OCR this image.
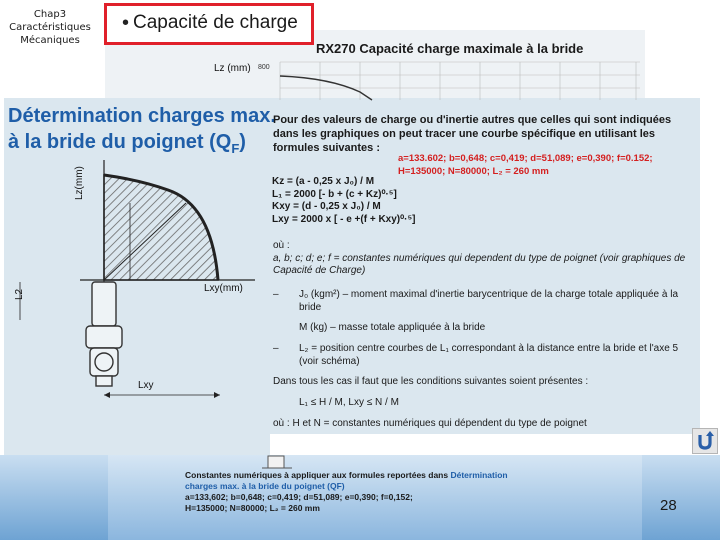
Chap3
Caractéristiques
Mécaniques
• Capacité de charge
RX270 Capacité charge maximale à la bride
Lz (mm) 800
Lz(mm)
L2
Lxy(mm)
Lxy
Détermination charges max.
à la bride du poignet $(Q_F)$
Pour des valeurs de charge ou d'inertie autres que celles qui sont indiquées dans les graphiques on peut tracer une courbe spécifique en utilisant les formules suivantes :
a=133.602; b=0,648; c=0,419; d=51,089; e=0,390; f=0.152;
H=135000; N=80000; L₂ = 260 mm
Kz = (a - 0,25 x J₀) / M
L₁ = 2000 [- b + (c + Kz)⁰·⁵]
Kxy = (d - 0,25 x J₀) / M
Lxy = 2000 x [ - e +(f + Kxy)⁰·⁵]
où :
a, b; c; d; e; f = constantes numériques qui dependent du type de poignet (voir graphiques de Capacité de Charge)
– J₀ (kgm²) – moment maximal d'inertie barycentrique de la charge totale appliquée à la bride
M (kg) – masse totale appliquée à la bride
– L₂ = position centre courbes de L₁ correspondant à la distance entre la bride et l'axe 5 (voir schéma)
Dans tous les cas il faut que les conditions suivantes soient présentes :
L₁ ≤ H / M, Lxy ≤ N / M
où : H et N = constantes numériques qui dépendent du type de poignet
Constantes numériques à appliquer aux formules reportées dans Détermination
charges max. à la bride du poignet (QF)
a=133,602; b=0,648; c=0,419; d=51,089; e=0,390; f=0,152;
H=135000; N=80000; L₂ = 260 mm	28
